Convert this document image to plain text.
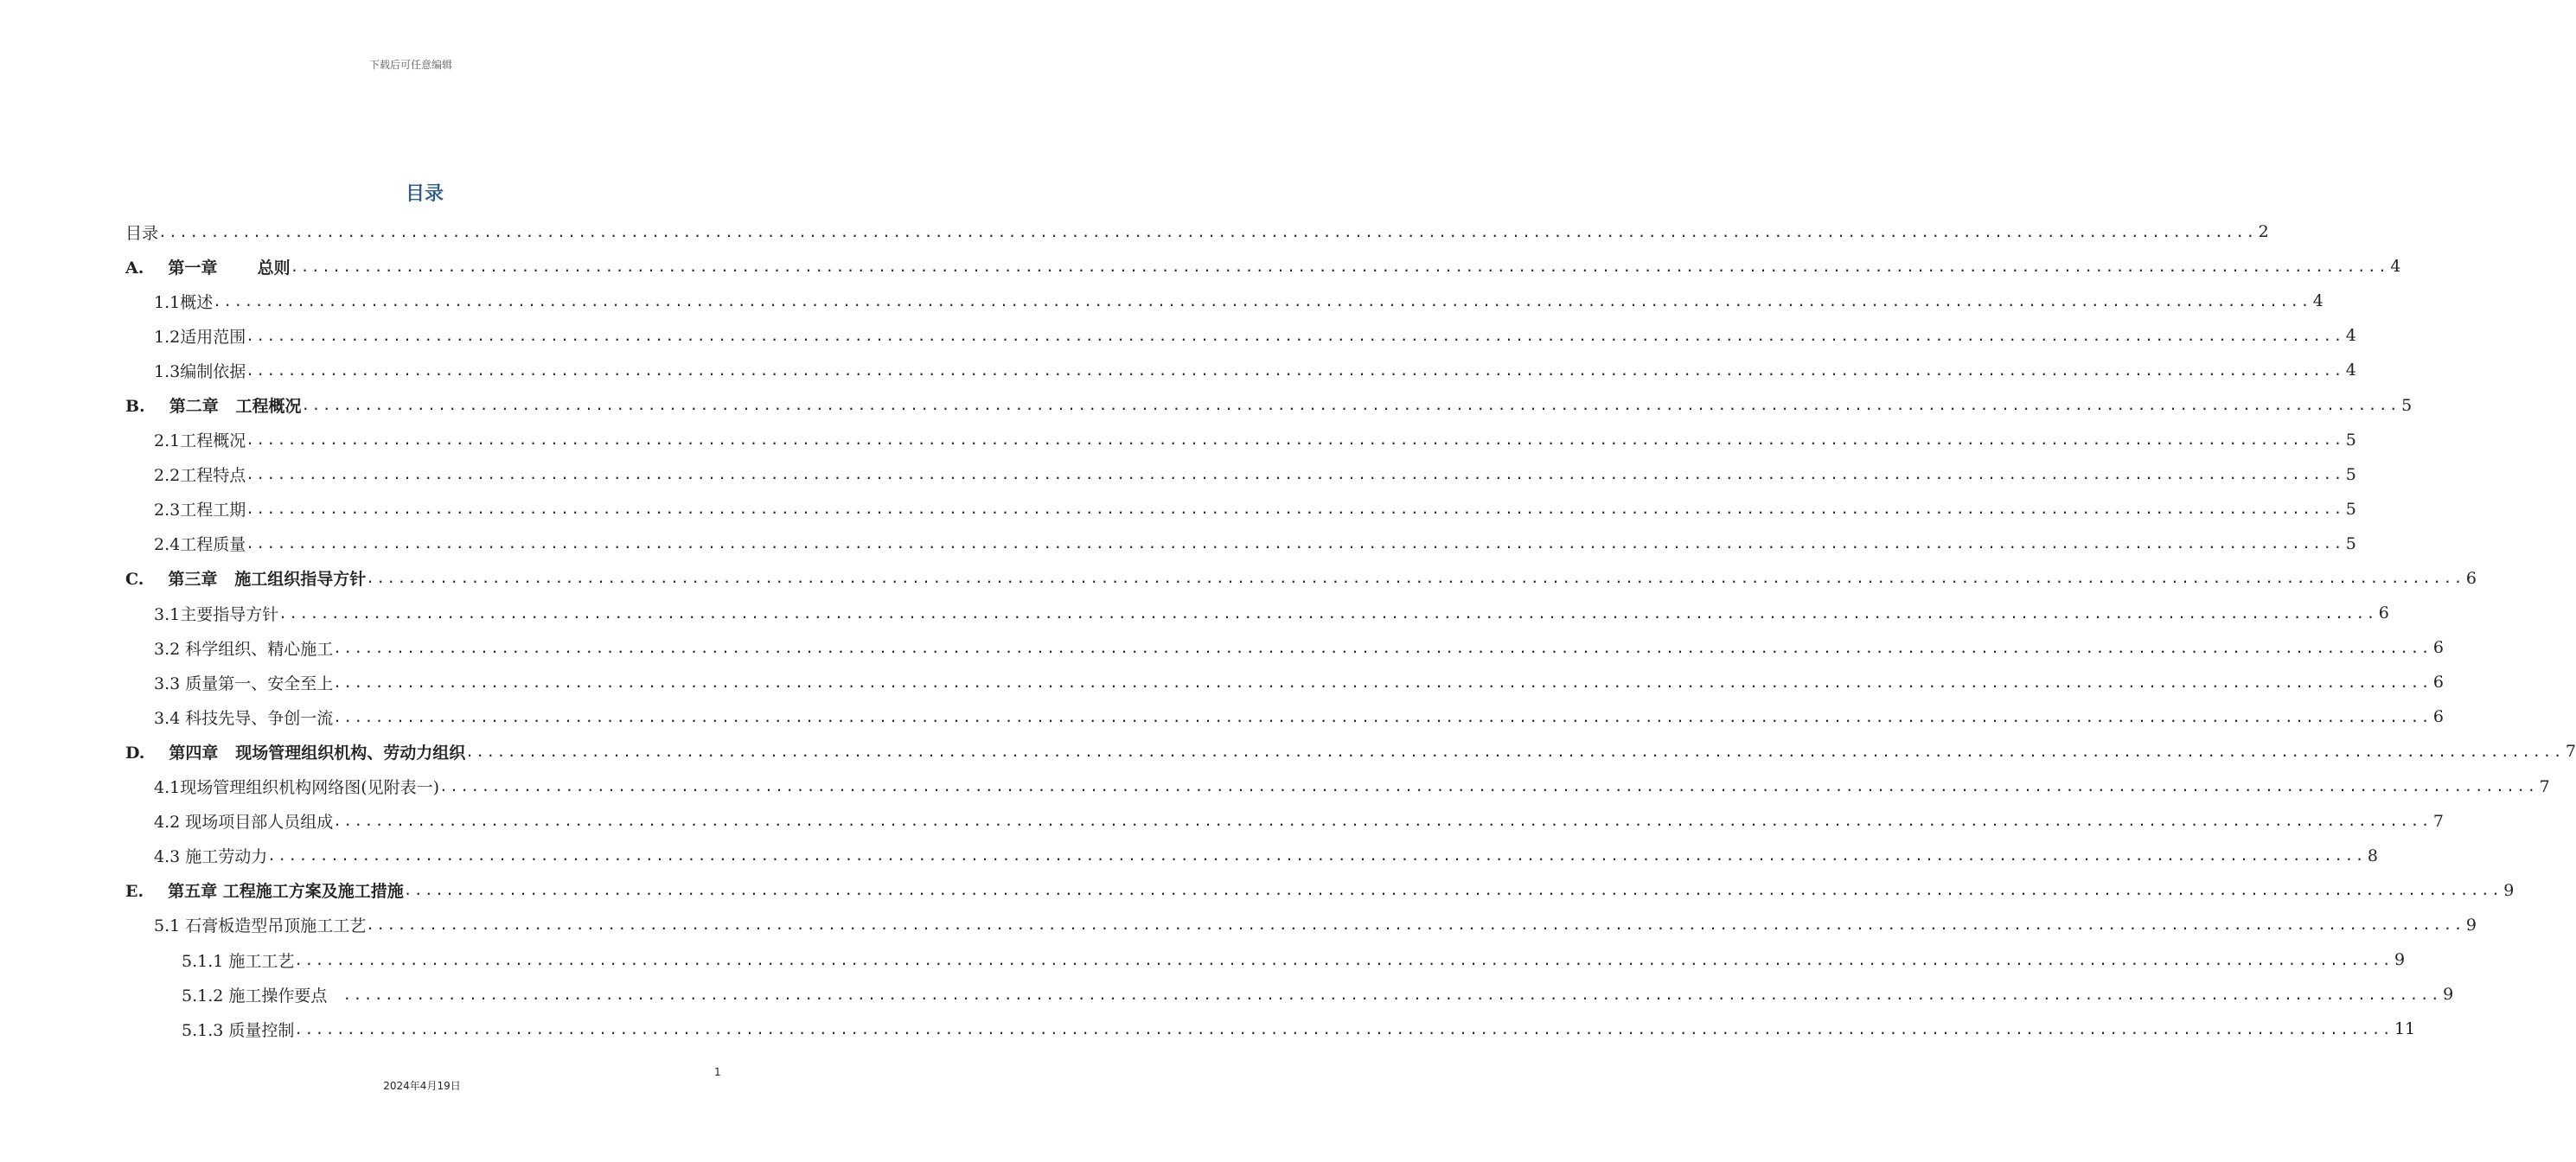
下载后可任意编辑
目录
目录 ........................................................................................................................................................................................................ 2
A. 第一章       总则 ........................................................................................................................................................................................................ 4
1.1概述 ........................................................................................................................................................................................................ 4
1.2适用范围 ........................................................................................................................................................................................................ 4
1.3编制依据 ........................................................................................................................................................................................................ 4
B. 第二章   工程概况 ........................................................................................................................................................................................................ 5
2.1工程概况 ........................................................................................................................................................................................................ 5
2.2工程特点 ........................................................................................................................................................................................................ 5
2.3工程工期 ........................................................................................................................................................................................................ 5
2.4工程质量 ........................................................................................................................................................................................................ 5
C. 第三章   施工组织指导方针 ........................................................................................................................................................................................................ 6
3.1主要指导方针 ........................................................................................................................................................................................................ 6
3.2 科学组织、精心施工 ........................................................................................................................................................................................................ 6
3.3 质量第一、安全至上 ........................................................................................................................................................................................................ 6
3.4 科技先导、争创一流 ........................................................................................................................................................................................................ 6
D. 第四章   现场管理组织机构、劳动力组织 ........................................................................................................................................................................................................ 7
4.1现场管理组织机构网络图(见附表一) ........................................................................................................................................................................................................ 7
4.2 现场项目部人员组成 ........................................................................................................................................................................................................ 7
4.3 施工劳动力 ........................................................................................................................................................................................................ 8
E. 第五章 工程施工方案及施工措施 ........................................................................................................................................................................................................ 9
5.1 石膏板造型吊顶施工工艺 ........................................................................................................................................................................................................ 9
5.1.1 施工工艺 ........................................................................................................................................................................................................ 9
5.1.2 施工操作要点 ........................................................................................................................................................................................................ 9
5.1.3 质量控制 ........................................................................................................................................................................................................ 11
1
2024年4月19日
